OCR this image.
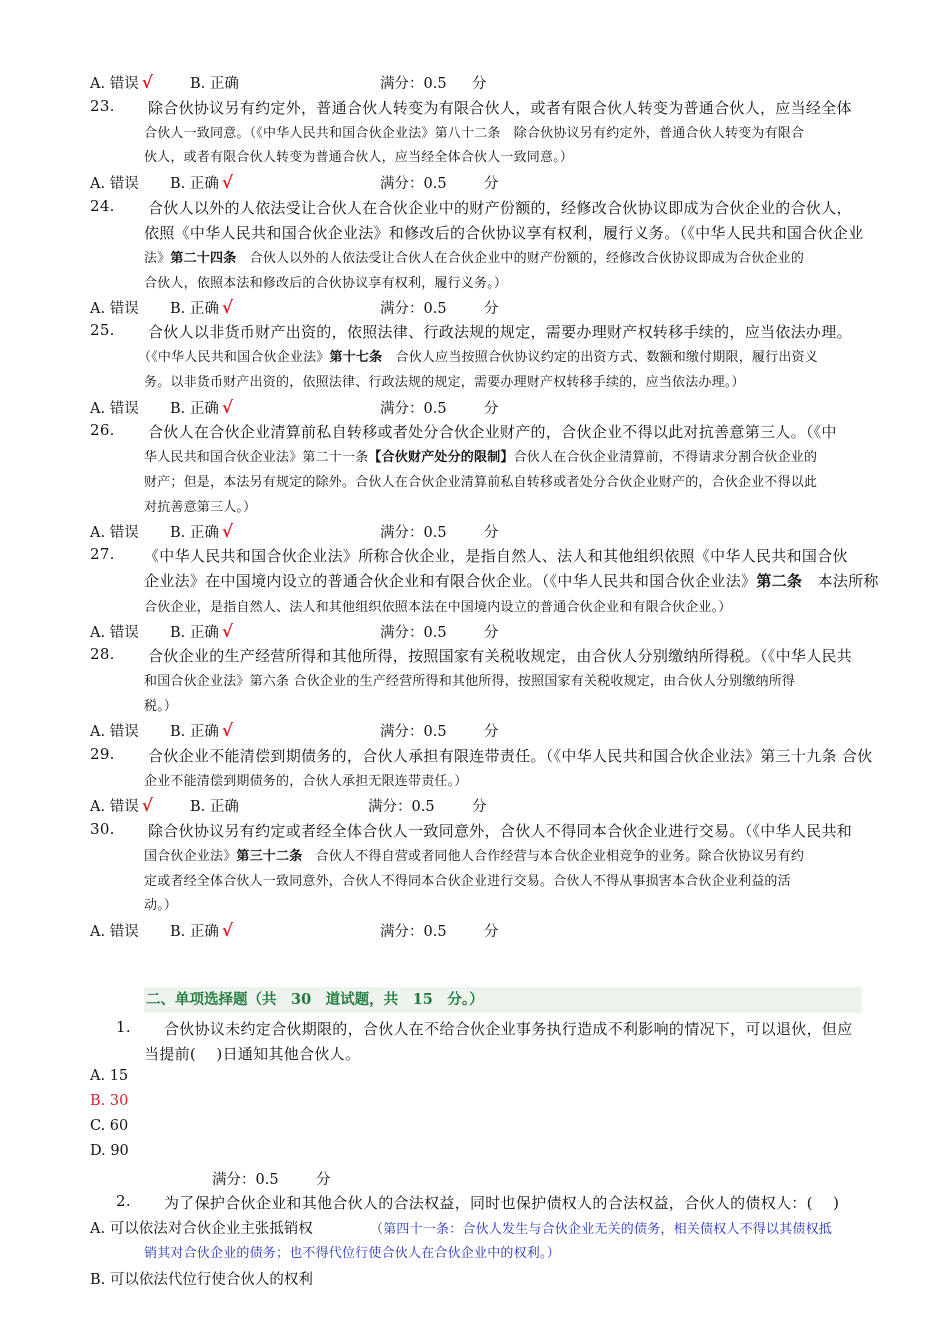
A. 错误 √	B. 正确	满分：0.5 分
23. 除合伙协议另有约定外，普通合伙人转变为有限合伙人，或者有限合伙人转变为普通合伙人，应当经全体
合伙人一致同意。（《中华人民共和国合伙企业法》第八十二条　除合伙协议另有约定外，普通合伙人转变为有限合
伙人，或者有限合伙人转变为普通合伙人，应当经全体合伙人一致同意。）
A. 错误 B. 正确 √	满分：0.5	分
24. 合伙人以外的人依法受让合伙人在合伙企业中的财产份额的，经修改合伙协议即成为合伙企业的合伙人，
依照《中华人民共和国合伙企业法》和修改后的合伙协议享有权利，履行义务。（《中华人民共和国合伙企业
法》第二十四条　合伙人以外的人依法受让合伙人在合伙企业中的财产份额的，经修改合伙协议即成为合伙企业的
合伙人，依照本法和修改后的合伙协议享有权利，履行义务。）
A. 错误 B. 正确 √	满分：0.5	分
25. 合伙人以非货币财产出资的，依照法律、行政法规的规定，需要办理财产权转移手续的，应当依法办理。
（《中华人民共和国合伙企业法》第十七条　合伙人应当按照合伙协议约定的出资方式、数额和缴付期限，履行出资义
务。以非货币财产出资的，依照法律、行政法规的规定，需要办理财产权转移手续的，应当依法办理。）
A. 错误 B. 正确 √	满分：0.5	分
26. 合伙人在合伙企业清算前私自转移或者处分合伙企业财产的，合伙企业不得以此对抗善意第三人。（《中
华人民共和国合伙企业法》第二十一条【合伙财产处分的限制】合伙人在合伙企业清算前，不得请求分割合伙企业的
财产；但是，本法另有规定的除外。合伙人在合伙企业清算前私自转移或者处分合伙企业财产的，合伙企业不得以此
对抗善意第三人。）
A. 错误 B. 正确 √	满分：0.5	分
27. 《中华人民共和国合伙企业法》所称合伙企业，是指自然人、法人和其他组织依照《中华人民共和国合伙
企业法》在中国境内设立的普通合伙企业和有限合伙企业。（《中华人民共和国合伙企业法》第二条　本法所称
合伙企业，是指自然人、法人和其他组织依照本法在中国境内设立的普通合伙企业和有限合伙企业。）
A. 错误 B. 正确 √	满分：0.5	分
28. 合伙企业的生产经营所得和其他所得，按照国家有关税收规定，由合伙人分别缴纳所得税。（《中华人民共
和国合伙企业法》第六条 合伙企业的生产经营所得和其他所得，按照国家有关税收规定，由合伙人分别缴纳所得
税。）
A. 错误 B. 正确 √	满分：0.5	分
29. 合伙企业不能清偿到期债务的，合伙人承担有限连带责任。（《中华人民共和国合伙企业法》第三十九条 合伙
企业不能清偿到期债务的，合伙人承担无限连带责任。）
A. 错误 √	B. 正确	满分：0.5	分
30. 除合伙协议另有约定或者经全体合伙人一致同意外，合伙人不得同本合伙企业进行交易。（《中华人民共和
国合伙企业法》第三十二条　合伙人不得自营或者同他人合作经营与本合伙企业相竞争的业务。除合伙协议另有约
定或者经全体合伙人一致同意外，合伙人不得同本合伙企业进行交易。合伙人不得从事损害本合伙企业利益的活
动。）
A. 错误 B. 正确 √	满分：0.5	分
二、单项选择题（共　30　道试题，共　15　分。）
1. 合伙协议未约定合伙期限的，合伙人在不给合伙企业事务执行造成不利影响的情况下，可以退伙，但应
当提前(　 )日通知其他合伙人。
A. 15
B. 30
C. 60
D. 90
满分：0.5	分
2. 为了保护合伙企业和其他合伙人的合法权益，同时也保护债权人的合法权益，合伙人的债权人：(　 )
A. 可以依法对合伙企业主张抵销权	（第四十一条：合伙人发生与合伙企业无关的债务，相关债权人不得以其债权抵
销其对合伙企业的债务；也不得代位行使合伙人在合伙企业中的权利。）
B. 可以依法代位行使合伙人的权利
